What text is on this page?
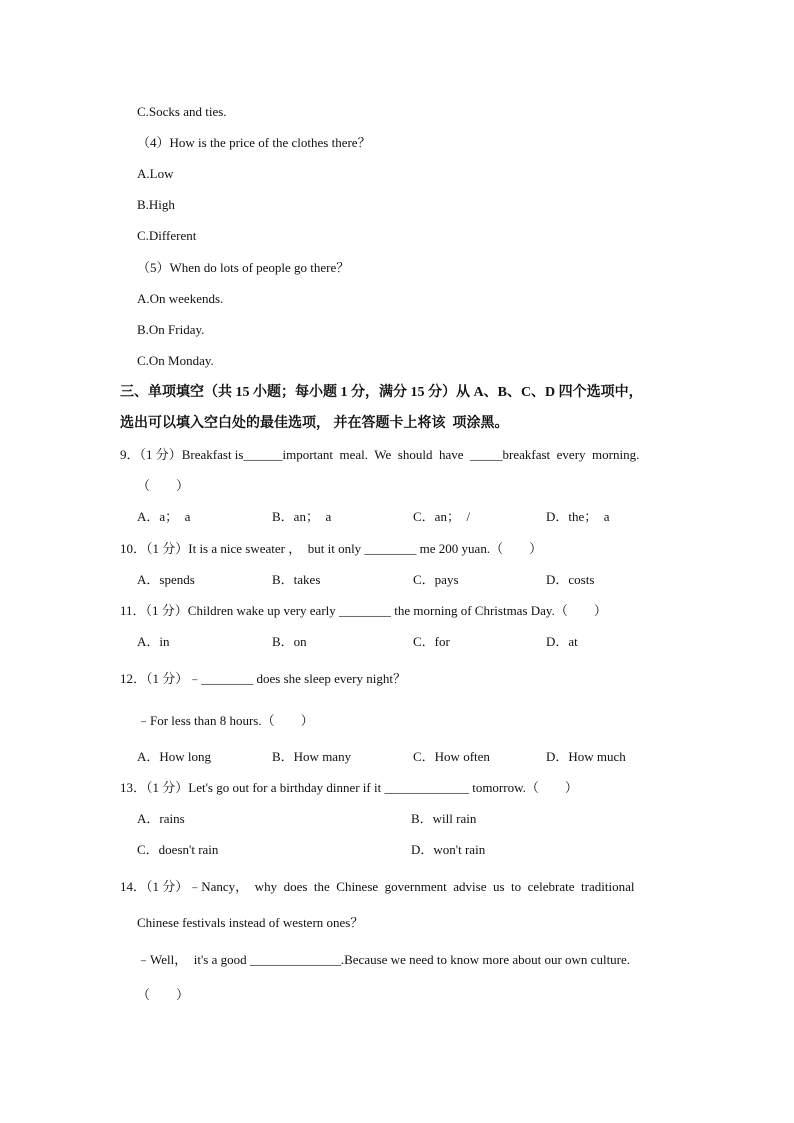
C.Socks and ties.
（4）How is the price of the clothes there？
A.Low
B.High
C.Different
（5）When do lots of people go there？
A.On weekends.
B.On Friday.
C.On Monday.
三、单项填空（共 15 小题；每小题 1 分，满分 15 分）从 A、B、C、D 四个选项中，
选出可以填入空白处的最佳选项， 并在答题卡上将该  项涂黑。
9．（1 分）Breakfast is______important  meal.  We  should  have  _____breakfast  every  morning.
（　　）
A．a；  a	B．an；  a	C．an；  /	D．the；  a
10．（1 分）It is a nice sweater ，  but it only ________ me 200 yuan.（　　）
A．spends	B．takes	C．pays	D．costs
11．（1 分）Children wake up very early ________ the morning of Christmas Day.（　　）
A．in	B．on	C．for	D．at
12．（1 分）﹣________ does she sleep every night？
﹣For less than 8 hours.（　　）
A．How long	B．How many	C．How often	D．How much
13．（1 分）Let's go out for a birthday dinner if it _____________ tomorrow.（　　）
A．rains	B．will rain
C．doesn't rain	D．won't rain
14．（1 分）﹣Nancy，  why  does  the  Chinese  government  advise  us  to  celebrate  traditional
Chinese festivals instead of western ones？
﹣Well，  it's a good ______________.Because we need to know more about our own culture.
（　　）
